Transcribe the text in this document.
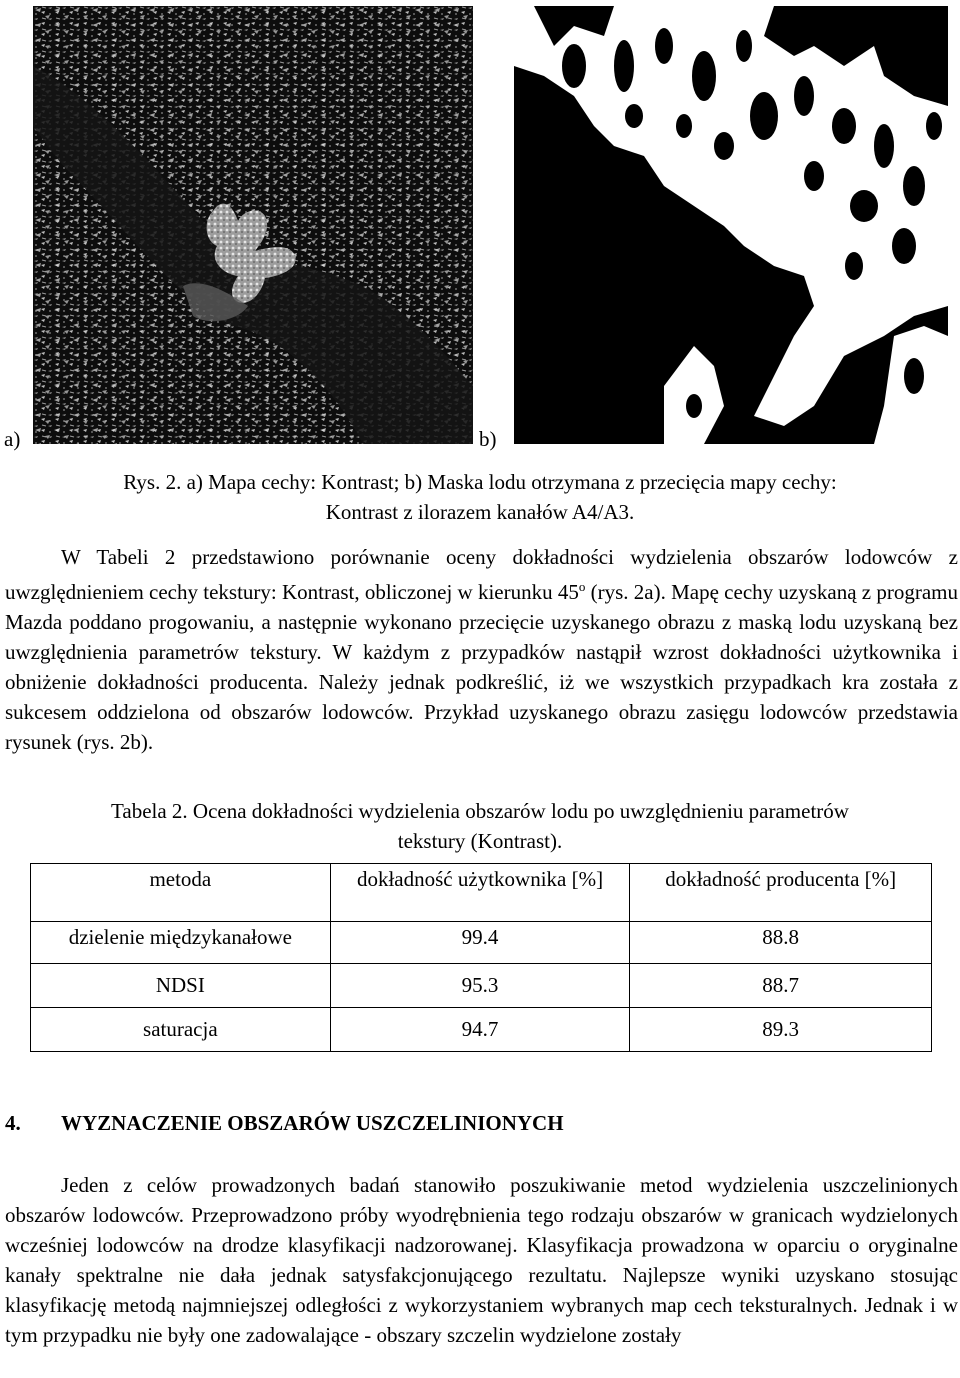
a)	b)
Rys. 2. a) Mapa cechy: Kontrast; b) Maska lodu otrzymana z przecięcia mapy cechy:
Kontrast z ilorazem kanałów A4/A3.

W Tabeli 2 przedstawiono porównanie oceny dokładności wydzielenia obszarów lodowców z uwzględnieniem cechy tekstury: Kontrast, obliczonej w kierunku 45$^o$ (rys. 2a). Mapę cechy uzyskaną z programu Mazda poddano progowaniu, a następnie wykonano przecięcie uzyskanego obrazu z maską lodu uzyskaną bez uwzględnienia parametrów tekstury. W każdym z przypadków nastąpił wzrost dokładności użytkownika i obniżenie dokładności producenta. Należy jednak podkreślić, iż we wszystkich przypadkach kra została z sukcesem oddzielona od obszarów lodowców. Przykład uzyskanego obrazu zasięgu lodowców przedstawia rysunek (rys. 2b).

Tabela 2. Ocena dokładności wydzielenia obszarów lodu po uwzględnieniu parametrów
tekstury (Kontrast).
metoda	dokładność użytkownika [%]	dokładność producenta [%]
dzielenie międzykanałowe	99.4	88.8
NDSI	95.3	88.7
saturacja	94.7	89.3
4. WYZNACZENIE OBSZARÓW USZCZELINIONYCH

Jeden z celów prowadzonych badań stanowiło poszukiwanie metod wydzielenia uszczelinionych obszarów lodowców. Przeprowadzono próby wyodrębnienia tego rodzaju obszarów w granicach wydzielonych wcześniej lodowców na drodze klasyfikacji nadzorowanej. Klasyfikacja prowadzona w oparciu o oryginalne kanały spektralne nie dała jednak satysfakcjonującego rezultatu. Najlepsze wyniki uzyskano stosując klasyfikację metodą najmniejszej odległości z wykorzystaniem wybranych map cech teksturalnych. Jednak i w tym przypadku nie były one zadowalające - obszary szczelin wydzielone zostały
